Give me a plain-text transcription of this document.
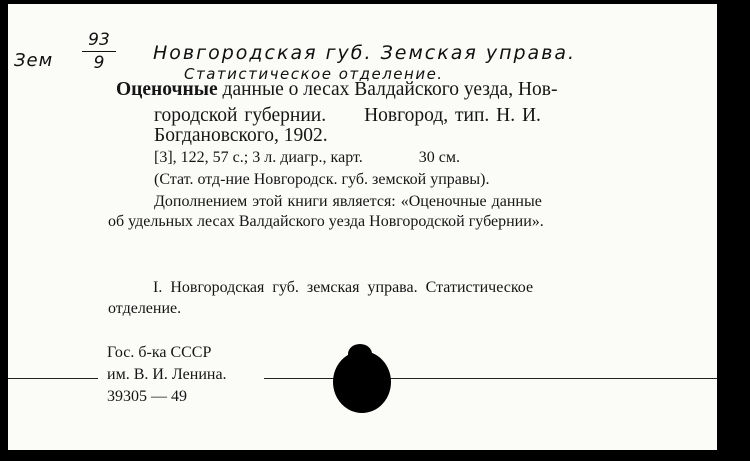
Зем $\frac{93}{9}$ Новгородская губ. Земская управа.
Статистическое отделение.
Оценочные данные о лесах Валдайского уезда, Нов-
городской губернии. Новгород, тип. Н. И.
Богдановского, 1902.
[3], 122, 57 с.; 3 л. диагр., карт.	30 см.
(Стат. отд-ние Новгородск. губ. земской управы).
Дополнением этой книги является: «Оценочные данные
об удельных лесах Валдайского уезда Новгородской губернии».
I. Новгородская губ. земская управа. Статистическое
отделение.
Гос. б-ка СССР
им. В. И. Ленина.
39305 — 49
